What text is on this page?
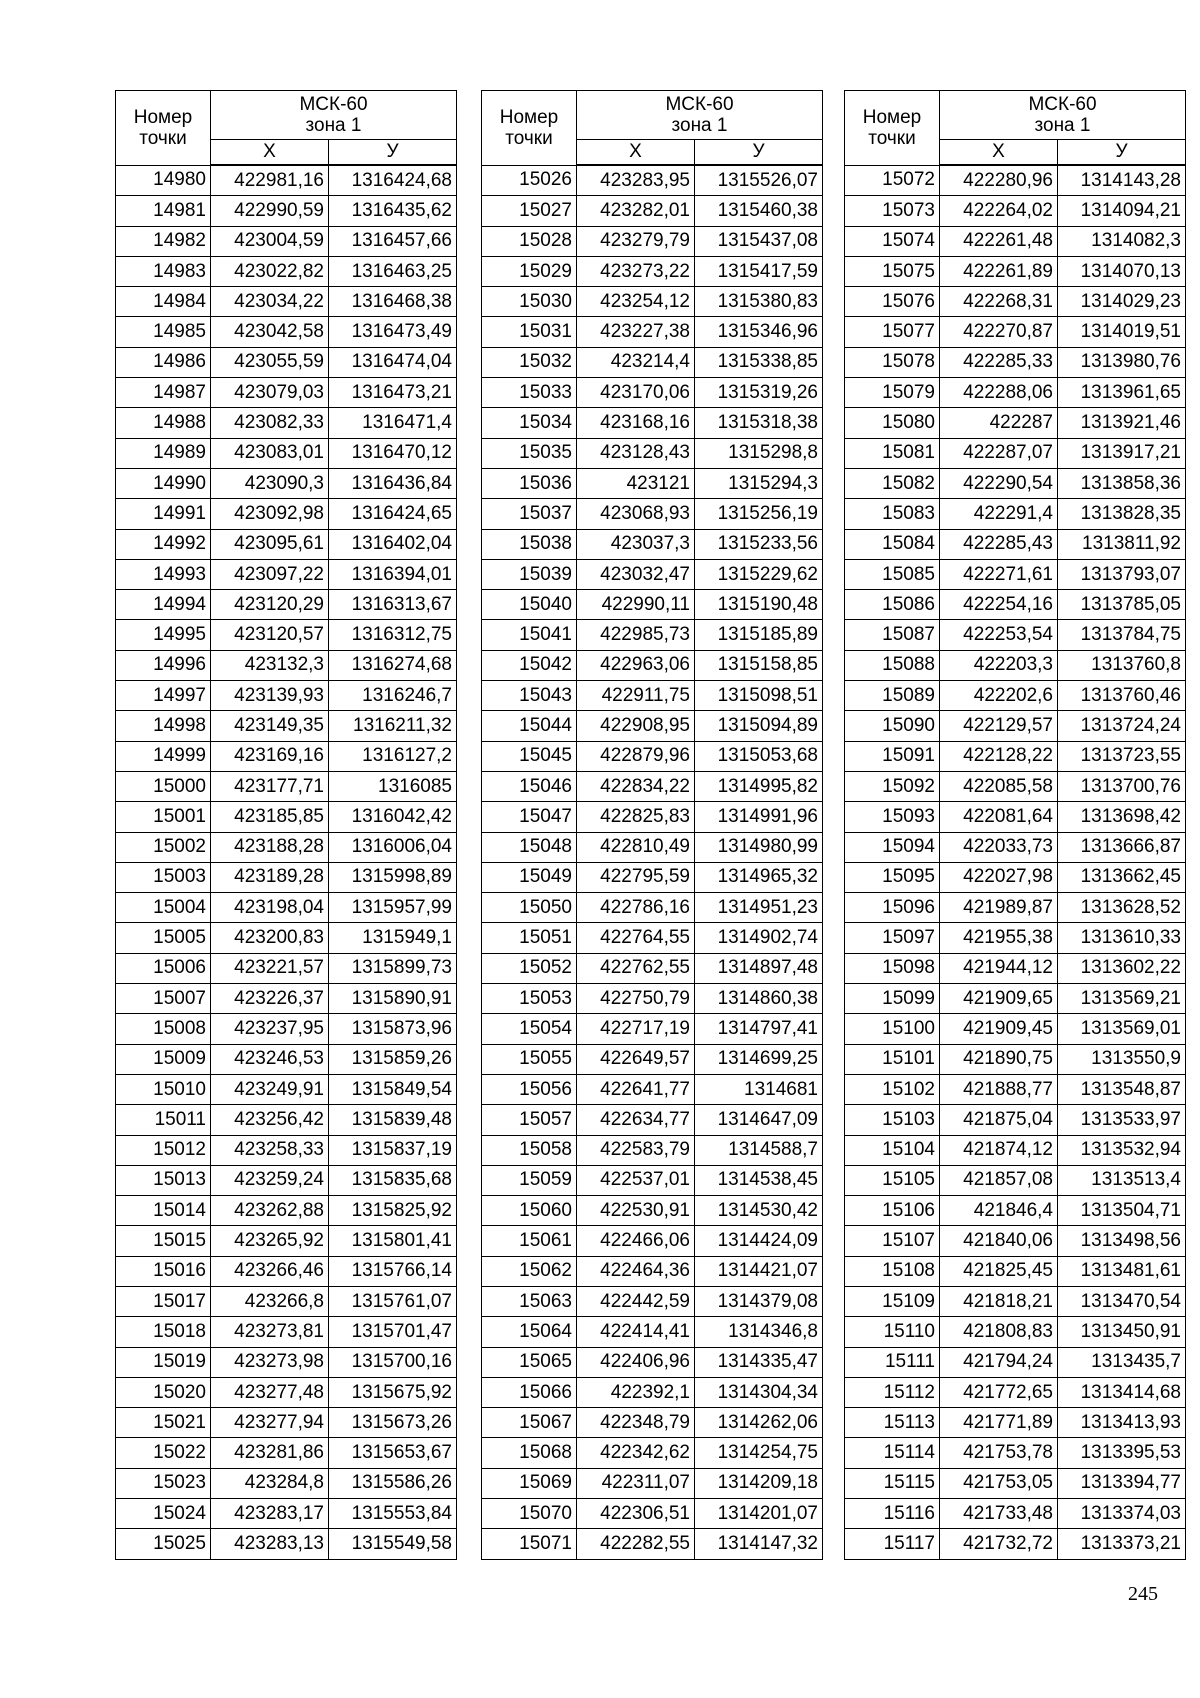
Номер
точки	МСК-60
зона 1	

	Х	У
14980	422981,16	1316424,68
14981	422990,59	1316435,62
14982	423004,59	1316457,66
14983	423022,82	1316463,25
14984	423034,22	1316468,38
14985	423042,58	1316473,49
14986	423055,59	1316474,04
14987	423079,03	1316473,21
14988	423082,33	1316471,4
14989	423083,01	1316470,12
14990	423090,3	1316436,84
14991	423092,98	1316424,65
14992	423095,61	1316402,04
14993	423097,22	1316394,01
14994	423120,29	1316313,67
14995	423120,57	1316312,75
14996	423132,3	1316274,68
14997	423139,93	1316246,7
14998	423149,35	1316211,32
14999	423169,16	1316127,2
15000	423177,71	1316085
15001	423185,85	1316042,42
15002	423188,28	1316006,04
15003	423189,28	1315998,89
15004	423198,04	1315957,99
15005	423200,83	1315949,1
15006	423221,57	1315899,73
15007	423226,37	1315890,91
15008	423237,95	1315873,96
15009	423246,53	1315859,26
15010	423249,91	1315849,54
15011	423256,42	1315839,48
15012	423258,33	1315837,19
15013	423259,24	1315835,68
15014	423262,88	1315825,92
15015	423265,92	1315801,41
15016	423266,46	1315766,14
15017	423266,8	1315761,07
15018	423273,81	1315701,47
15019	423273,98	1315700,16
15020	423277,48	1315675,92
15021	423277,94	1315673,26
15022	423281,86	1315653,67
15023	423284,8	1315586,26
15024	423283,17	1315553,84
15025	423283,13	1315549,58
Номер
точки	МСК-60
зона 1	

	Х	У
15026	423283,95	1315526,07
15027	423282,01	1315460,38
15028	423279,79	1315437,08
15029	423273,22	1315417,59
15030	423254,12	1315380,83
15031	423227,38	1315346,96
15032	423214,4	1315338,85
15033	423170,06	1315319,26
15034	423168,16	1315318,38
15035	423128,43	1315298,8
15036	423121	1315294,3
15037	423068,93	1315256,19
15038	423037,3	1315233,56
15039	423032,47	1315229,62
15040	422990,11	1315190,48
15041	422985,73	1315185,89
15042	422963,06	1315158,85
15043	422911,75	1315098,51
15044	422908,95	1315094,89
15045	422879,96	1315053,68
15046	422834,22	1314995,82
15047	422825,83	1314991,96
15048	422810,49	1314980,99
15049	422795,59	1314965,32
15050	422786,16	1314951,23
15051	422764,55	1314902,74
15052	422762,55	1314897,48
15053	422750,79	1314860,38
15054	422717,19	1314797,41
15055	422649,57	1314699,25
15056	422641,77	1314681
15057	422634,77	1314647,09
15058	422583,79	1314588,7
15059	422537,01	1314538,45
15060	422530,91	1314530,42
15061	422466,06	1314424,09
15062	422464,36	1314421,07
15063	422442,59	1314379,08
15064	422414,41	1314346,8
15065	422406,96	1314335,47
15066	422392,1	1314304,34
15067	422348,79	1314262,06
15068	422342,62	1314254,75
15069	422311,07	1314209,18
15070	422306,51	1314201,07
15071	422282,55	1314147,32
Номер
точки	МСК-60
зона 1	

	Х	У
15072	422280,96	1314143,28
15073	422264,02	1314094,21
15074	422261,48	1314082,3
15075	422261,89	1314070,13
15076	422268,31	1314029,23
15077	422270,87	1314019,51
15078	422285,33	1313980,76
15079	422288,06	1313961,65
15080	422287	1313921,46
15081	422287,07	1313917,21
15082	422290,54	1313858,36
15083	422291,4	1313828,35
15084	422285,43	1313811,92
15085	422271,61	1313793,07
15086	422254,16	1313785,05
15087	422253,54	1313784,75
15088	422203,3	1313760,8
15089	422202,6	1313760,46
15090	422129,57	1313724,24
15091	422128,22	1313723,55
15092	422085,58	1313700,76
15093	422081,64	1313698,42
15094	422033,73	1313666,87
15095	422027,98	1313662,45
15096	421989,87	1313628,52
15097	421955,38	1313610,33
15098	421944,12	1313602,22
15099	421909,65	1313569,21
15100	421909,45	1313569,01
15101	421890,75	1313550,9
15102	421888,77	1313548,87
15103	421875,04	1313533,97
15104	421874,12	1313532,94
15105	421857,08	1313513,4
15106	421846,4	1313504,71
15107	421840,06	1313498,56
15108	421825,45	1313481,61
15109	421818,21	1313470,54
15110	421808,83	1313450,91
15111	421794,24	1313435,7
15112	421772,65	1313414,68
15113	421771,89	1313413,93
15114	421753,78	1313395,53
15115	421753,05	1313394,77
15116	421733,48	1313374,03
15117	421732,72	1313373,21
245
